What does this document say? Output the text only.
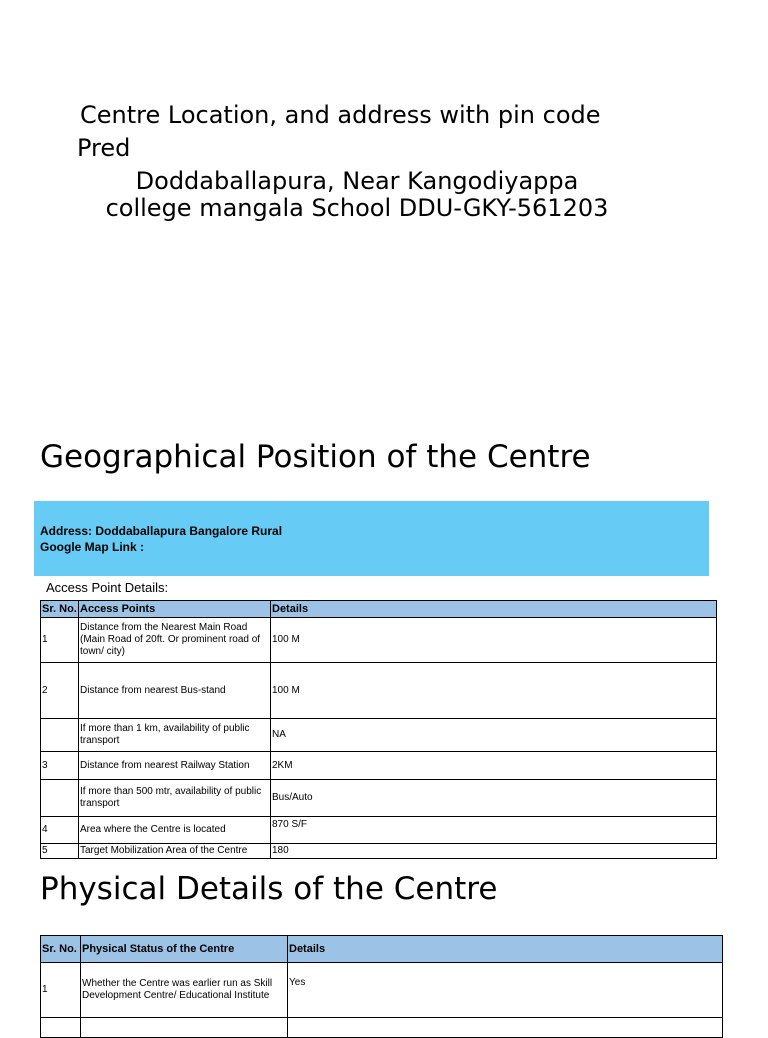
Centre Location, and address with pin code
Pred
Doddaballapura, Near Kangodiyappa
college mangala School DDU-GKY-561203
Geographical Position of the Centre
Address: Doddaballapura Bangalore Rural
Google Map Link :
Access Point Details:
Sr. No.	Access Points	Details
1	Distance from the Nearest Main Road (Main Road of 20ft. Or prominent road of town/ city)	100 M
2	Distance from nearest Bus-stand	100 M
	If more than 1 km, availability of public transport	NA
3	Distance from nearest Railway Station	2KM
	If more than 500 mtr, availability of public transport	Bus/Auto
4	Area where the Centre is located	870 S/F
5	Target Mobilization Area of the Centre	180
Physical Details of the Centre
Sr. No.	Physical Status of the Centre	Details
1	Whether the Centre was earlier run as Skill Development Centre/ Educational Institute	Yes
